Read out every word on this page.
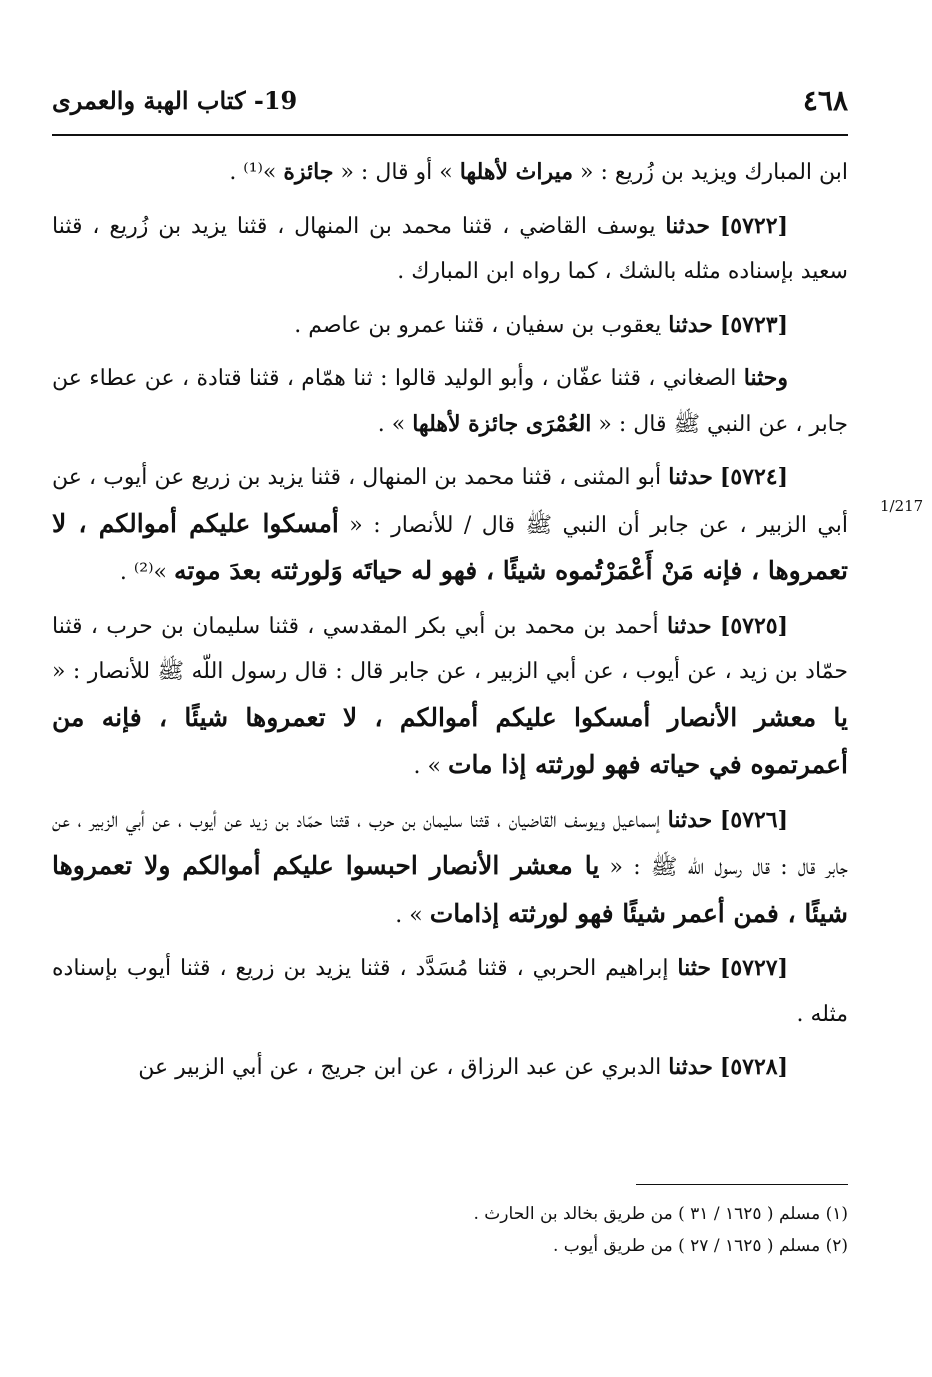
٤٦٨
19- كتاب الهبة والعمرى
1/217

ابن المبارك ويزيد بن زُريع : « ميراث لأهلها » أو قال : « جائزة »⁽¹⁾ .

[٥٧٢٢] حدثنا يوسف القاضي ، قثنا محمد بن المنهال ، قثنا يزيد بن زُريع ، قثنا سعيد بإسناده مثله بالشك ، كما رواه ابن المبارك .

[٥٧٢٣] حدثنا يعقوب بن سفيان ، قثنا عمرو بن عاصم .

وحثنا الصغاني ، قثنا عفّان ، وأبو الوليد قالوا : ثنا همّام ، قثنا قتادة ، عن عطاء عن جابر ، عن النبي ﷺ قال : « العُمْرَى جائزة لأهلها » .

[٥٧٢٤] حدثنا أبو المثنى ، قثنا محمد بن المنهال ، قثنا يزيد بن زريع عن أيوب ، عن أبي الزبير ، عن جابر أن النبي ﷺ قال / للأنصار : « أمسكوا عليكم أموالكم ، لا تعمروها ، فإنه مَنْ أَعْمَرْتُموه شيئًا ، فهو له حياتَه وَلورثته بعدَ موته »⁽²⁾ .

[٥٧٢٥] حدثنا أحمد بن محمد بن أبي بكر المقدسي ، قثنا سليمان بن حرب ، قثنا حمّاد بن زيد ، عن أيوب ، عن أبي الزبير ، عن جابر قال : قال رسول اللّه ﷺ للأنصار : « يا معشر الأنصار أمسكوا عليكم أموالكم ، لا تعمروها شيئًا ، فإنه من أعمرتموه في حياته فهو لورثته إذا مات » .

[٥٧٢٦] حدثنا إسماعيل ويوسف القاضيان ، قثنا سليمان بن حرب ، قثنا حمّاد بن زيد عن أيوب ، عن أبي الزبير ، عن جابر قال : قال رسول اللّه ﷺ : « يا معشر الأنصار احبسوا عليكم أموالكم ولا تعمروها شيئًا ، فمن أعمر شيئًا فهو لورثته إذامات » .

[٥٧٢٧] حثنا إبراهيم الحربي ، قثنا مُسَدَّد ، قثنا يزيد بن زريع ، قثنا أيوب بإسناده مثله .

[٥٧٢٨] حدثنا الدبري عن عبد الرزاق ، عن ابن جريج ، عن أبي الزبير عن

(١) مسلم ( ١٦٢٥ / ٣١ ) من طريق بخالد بن الحارث .
(٢) مسلم ( ١٦٢٥ / ٢٧ ) من طريق أيوب .
